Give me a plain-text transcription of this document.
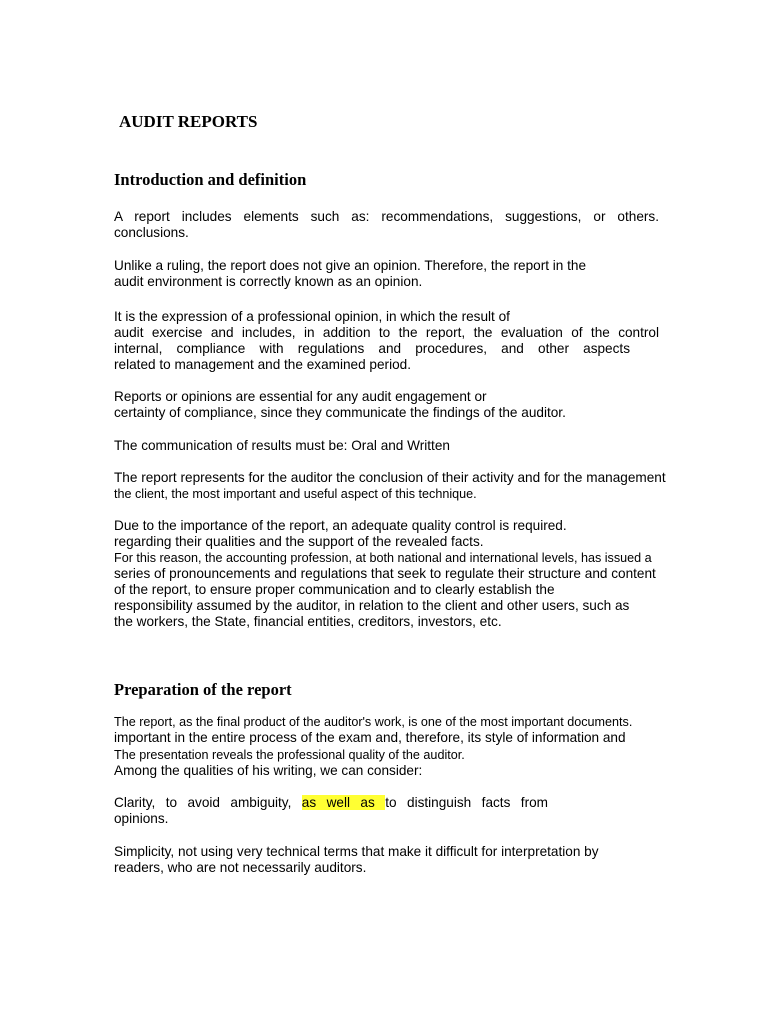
AUDIT REPORTS
Introduction and definition

A report includes elements such as: recommendations, suggestions, or others.

conclusions.

Unlike a ruling, the report does not give an opinion. Therefore, the report in the

audit environment is correctly known as an opinion.

It is the expression of a professional opinion, in which the result of

audit exercise and includes, in addition to the report, the evaluation of the control

internal, compliance with regulations and procedures, and other aspects

related to management and the examined period.

Reports or opinions are essential for any audit engagement or

certainty of compliance, since they communicate the findings of the auditor.

The communication of results must be: Oral and Written

The report represents for the auditor the conclusion of their activity and for the management

the client, the most important and useful aspect of this technique.

Due to the importance of the report, an adequate quality control is required.

regarding their qualities and the support of the revealed facts.

For this reason, the accounting profession, at both national and international levels, has issued a

series of pronouncements and regulations that seek to regulate their structure and content

of the report, to ensure proper communication and to clearly establish the

responsibility assumed by the auditor, in relation to the client and other users, such as

the workers, the State, financial entities, creditors, investors, etc.

Preparation of the report

The report, as the final product of the auditor's work, is one of the most important documents.

important in the entire process of the exam and, therefore, its style of information and

The presentation reveals the professional quality of the auditor.

Among the qualities of his writing, we can consider:

Clarity, to avoid ambiguity, as well as to distinguish facts from

opinions.

Simplicity, not using very technical terms that make it difficult for interpretation by

readers, who are not necessarily auditors.
